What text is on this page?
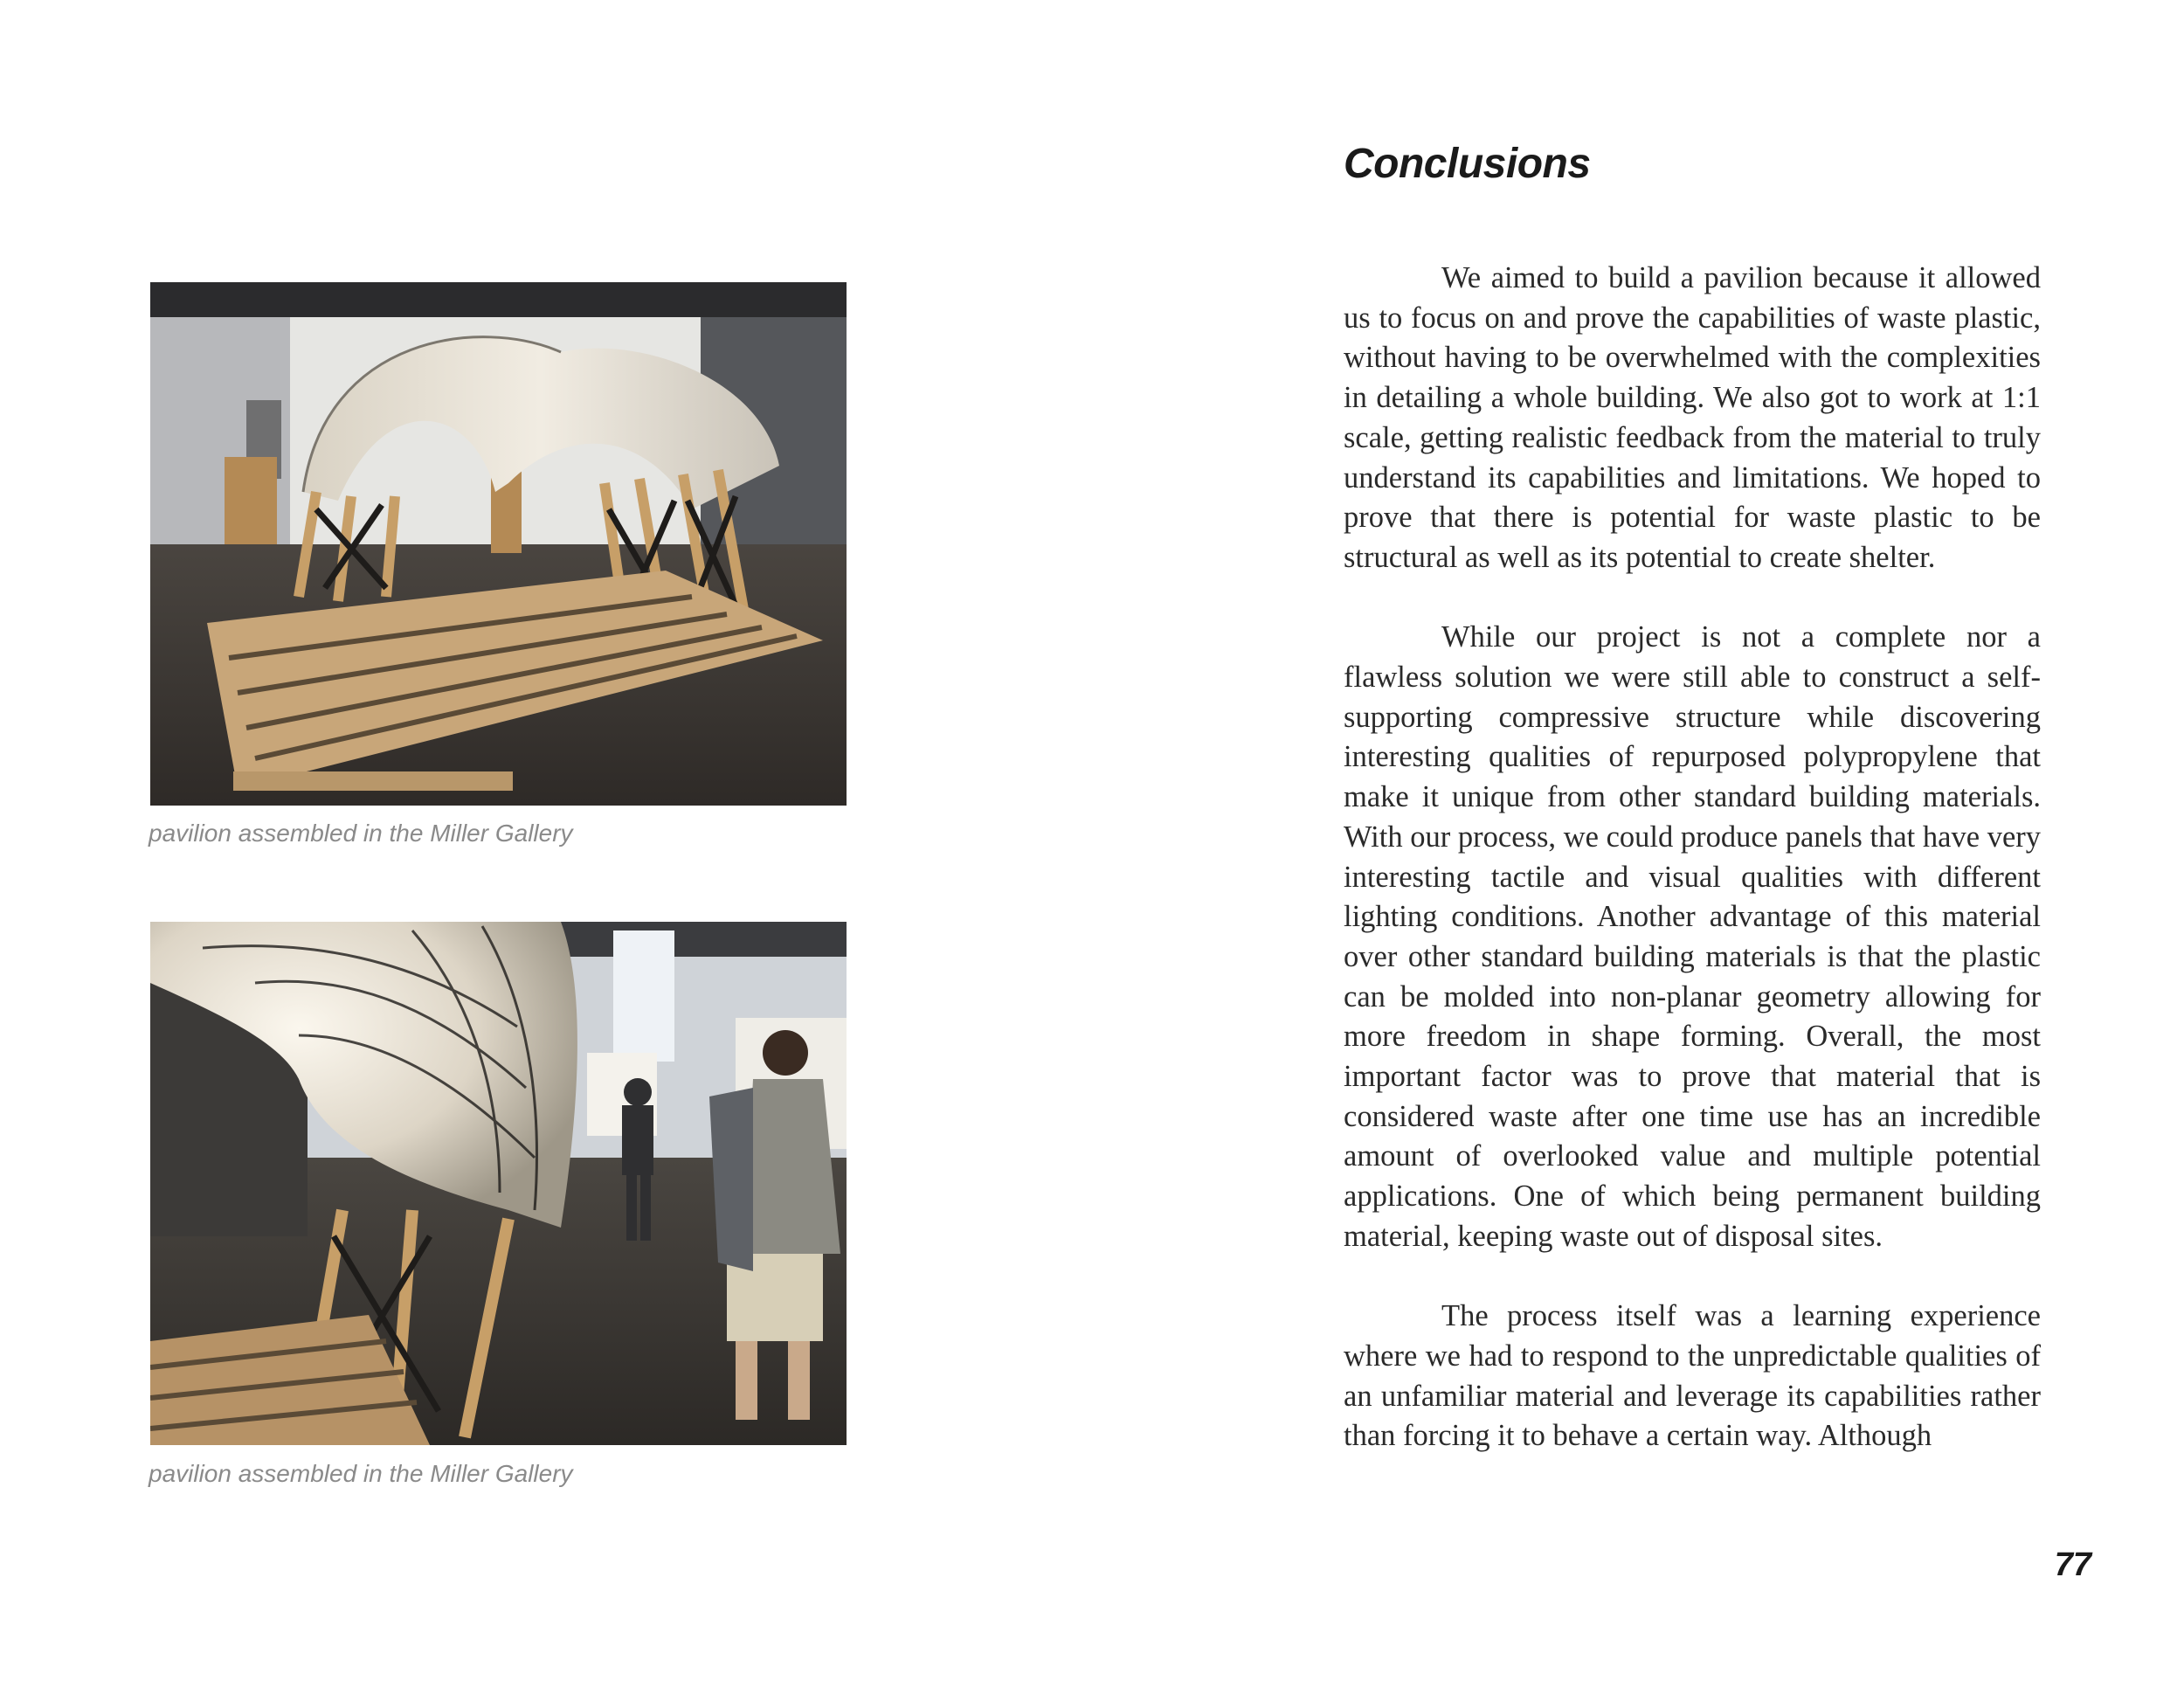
pavilion assembled in the Miller Gallery

pavilion assembled in the Miller Gallery

Conclusions

We aimed to build a pavilion because it allowed us to focus on and prove the capabilities of waste plastic, without having to be overwhelmed with the complexities in detailing a whole building. We also got to work at 1:1 scale, getting realistic feedback from the material to truly understand its capabilities and limitations. We hoped to prove that there is potential for waste plastic to be structural as well as its potential to create shelter.

While our project is not a complete nor a flawless solution we were still able to construct a self-supporting compressive structure while discovering interesting qualities of repurposed polypropylene that make it unique from other standard building materials. With our process, we could produce panels that have very interesting tactile and visual qualities with different lighting conditions. Another advantage of this material over other standard building materials is that the plastic can be molded into non-planar geometry allowing for more freedom in shape forming. Overall, the most important factor was to prove that material that is considered waste after one time use has an incredible amount of overlooked value and multiple potential applications. One of which being permanent building material, keeping waste out of disposal sites.

The process itself was a learning experience where we had to respond to the unpredictable qualities of an unfamiliar material and leverage its capabilities rather than forcing it to behave a certain way. Although

77
